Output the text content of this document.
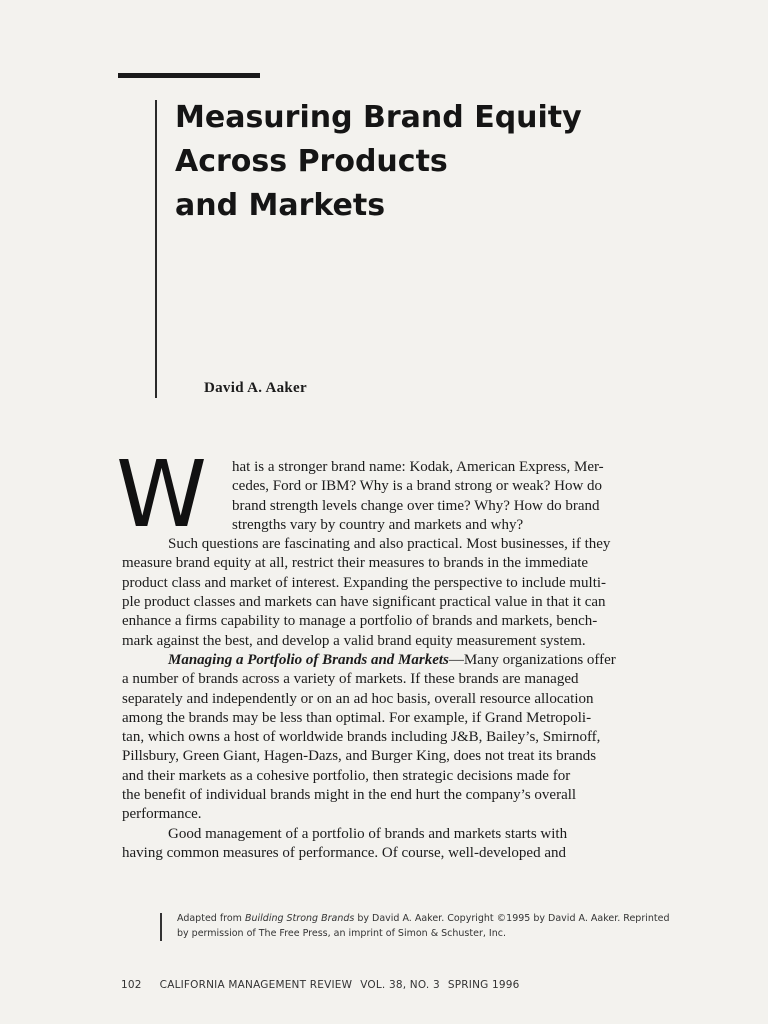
Measuring Brand Equity
Across Products
and Markets

David A. Aaker

W	hat is a stronger brand name: Kodak, American Express, Mer-
cedes, Ford or IBM? Why is a brand strong or weak? How do
brand strength levels change over time? Why? How do brand
strengths vary by country and markets and why?

Such questions are fascinating and also practical. Most businesses, if they
measure brand equity at all, restrict their measures to brands in the immediate
product class and market of interest. Expanding the perspective to include multi-
ple product classes and markets can have significant practical value in that it can
enhance a firms capability to manage a portfolio of brands and markets, bench-
mark against the best, and develop a valid brand equity measurement system.

Managing a Portfolio of Brands and Markets—Many organizations offer
a number of brands across a variety of markets. If these brands are managed
separately and independently or on an ad hoc basis, overall resource allocation
among the brands may be less than optimal. For example, if Grand Metropoli-
tan, which owns a host of worldwide brands including J&B, Bailey’s, Smirnoff,
Pillsbury, Green Giant, Hagen-Dazs, and Burger King, does not treat its brands
and their markets as a cohesive portfolio, then strategic decisions made for
the benefit of individual brands might in the end hurt the company’s overall
performance.

Good management of a portfolio of brands and markets starts with
having common measures of performance. Of course, well-developed and

Adapted from Building Strong Brands by David A. Aaker. Copyright ©1995 by David A. Aaker. Reprinted
by permission of The Free Press, an imprint of Simon & Schuster, Inc.

102 CALIFORNIA MANAGEMENT REVIEW VOL. 38, NO. 3 SPRING 1996
